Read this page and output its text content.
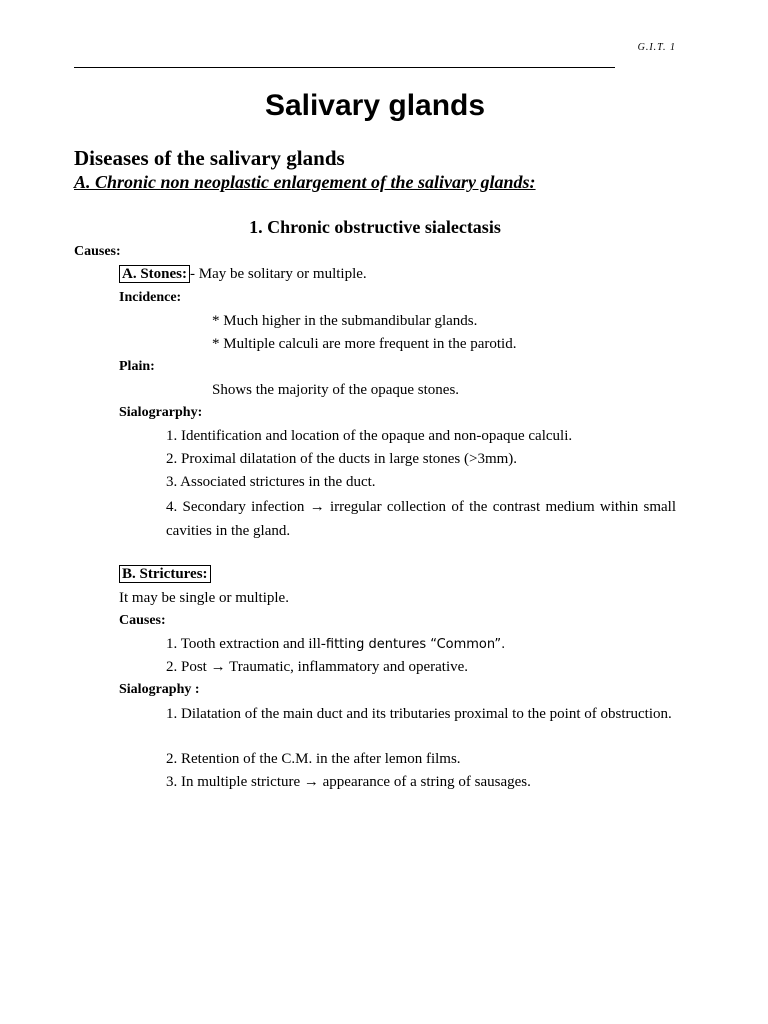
G.I.T. 1
Salivary glands
Diseases of the salivary glands
A. Chronic non neoplastic enlargement of the salivary glands:
1. Chronic obstructive sialectasis
Causes:
A. Stones: - May be solitary or multiple.
Incidence:
* Much higher in the submandibular glands.
* Multiple calculi are more frequent in the parotid.
Plain:
Shows the majority of the opaque stones.
Sialograrphy:
1. Identification and location of the opaque and non-opaque calculi.
2. Proximal dilatation of the ducts in large stones (>3mm).
3. Associated strictures in the duct.
4. Secondary infection → irregular collection of the contrast medium within small cavities in the gland.
B. Strictures:
It may be single or multiple.
Causes:
1. Tooth extraction and ill-fitting dentures “Common”.
2. Post → Traumatic, inflammatory and operative.
Sialography :
1. Dilatation of the main duct and its tributaries proximal to the point of obstruction.
2. Retention of the C.M. in the after lemon films.
3. In multiple stricture → appearance of a string of sausages.
